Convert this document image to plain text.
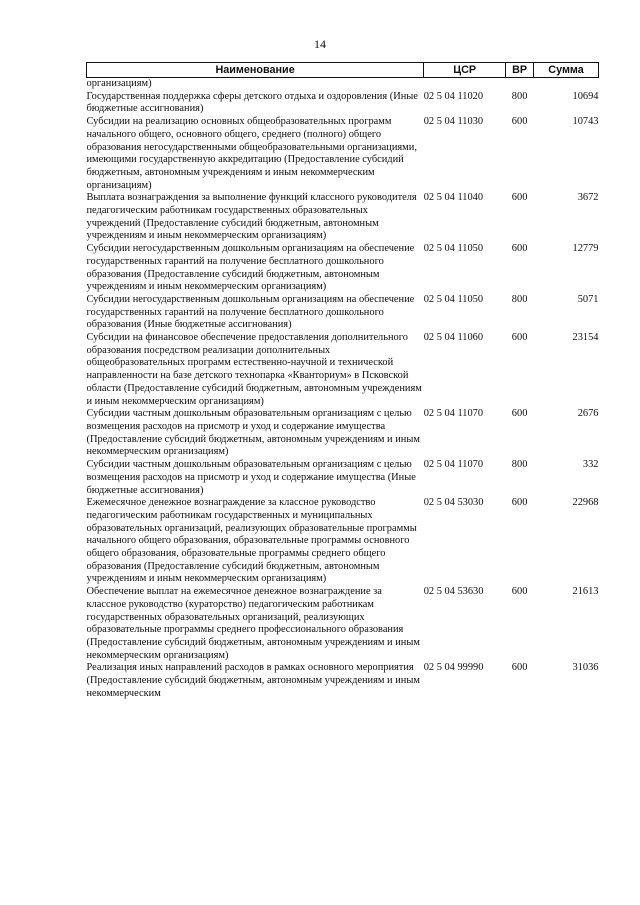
14
Наименование	ЦСР	ВР	Сумма
организациям)			
Государственная поддержка сферы детского отдыха и оздоровления (Иные бюджетные ассигнования)	02 5 04 11020	800	10694
Субсидии на реализацию основных общеобразовательных программ начального общего, основного общего, среднего (полного) общего образования негосударственными общеобразовательными организациями, имеющими государственную аккредитацию (Предоставление субсидий бюджетным, автономным учреждениям и иным некоммерческим организациям)	02 5 04 11030	600	10743
Выплата вознаграждения за выполнение функций классного руководителя педагогическим работникам государственных образовательных учреждений (Предоставление субсидий бюджетным, автономным учреждениям и иным некоммерческим организациям)	02 5 04 11040	600	3672
Субсидии негосударственным дошкольным организациям на обеспечение государственных гарантий на получение бесплатного дошкольного образования (Предоставление субсидий бюджетным, автономным учреждениям и иным некоммерческим организациям)	02 5 04 11050	600	12779
Субсидии негосударственным дошкольным организациям на обеспечение государственных гарантий на получение бесплатного дошкольного образования (Иные бюджетные ассигнования)	02 5 04 11050	800	5071
Субсидии на финансовое обеспечение предоставления дополнительного образования посредством реализации дополнительных общеобразовательных программ естественно-научной и технической направленности на базе детского технопарка «Кванториум» в Псковской области (Предоставление субсидий бюджетным, автономным учреждениям и иным некоммерческим организациям)	02 5 04 11060	600	23154
Субсидии частным дошкольным образовательным организациям с целью возмещения расходов на присмотр и уход и содержание имущества (Предоставление субсидий бюджетным, автономным учреждениям и иным некоммерческим организациям)	02 5 04 11070	600	2676
Субсидии частным дошкольным образовательным организациям с целью возмещения расходов на присмотр и уход и содержание имущества (Иные бюджетные ассигнования)	02 5 04 11070	800	332
Ежемесячное денежное вознаграждение за классное руководство педагогическим работникам государственных и муниципальных образовательных организаций, реализующих образовательные программы начального общего образования, образовательные программы основного общего образования, образовательные программы среднего общего образования (Предоставление субсидий бюджетным, автономным учреждениям и иным некоммерческим организациям)	02 5 04 53030	600	22968
Обеспечение выплат на ежемесячное денежное вознаграждение за классное руководство (кураторство) педагогическим работникам государственных образовательных организаций, реализующих образовательные программы среднего профессионального образования (Предоставление субсидий бюджетным, автономным учреждениям и иным некоммерческим организациям)	02 5 04 53630	600	21613
Реализация иных направлений расходов в рамках основного мероприятия (Предоставление субсидий бюджетным, автономным учреждениям и иным некоммерческим	02 5 04 99990	600	31036
